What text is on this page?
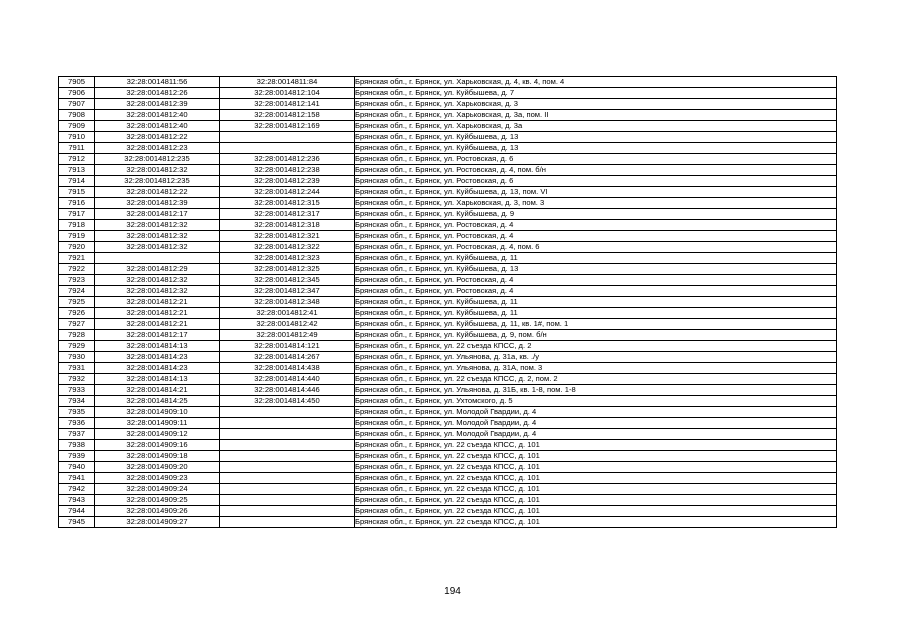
7905	32:28:0014811:56	32:28:0014811:84	Брянская обл., г. Брянск, ул. Харьковская, д. 4, кв. 4, пом. 4
7906	32:28:0014812:26	32:28:0014812:104	Брянская обл., г. Брянск, ул. Куйбышева, д. 7
7907	32:28:0014812:39	32:28:0014812:141	Брянская обл., г. Брянск, ул. Харьковская, д. 3
7908	32:28:0014812:40	32:28:0014812:158	Брянская обл., г. Брянск, ул. Харьковская, д. 3а, пом. II
7909	32:28:0014812:40	32:28:0014812:169	Брянская обл., г. Брянск, ул. Харьковская, д. 3а
7910	32:28:0014812:22		Брянская обл., г. Брянск, ул. Куйбышева, д. 13
7911	32:28:0014812:23		Брянская обл., г. Брянск, ул. Куйбышева, д. 13
7912	32:28:0014812:235	32:28:0014812:236	Брянская обл., г. Брянск, ул. Ростовская, д. 6
7913	32:28:0014812:32	32:28:0014812:238	Брянская обл., г. Брянск, ул. Ростовская, д. 4, пом. б/н
7914	32:28:0014812:235	32:28:0014812:239	Брянская обл., г. Брянск, ул. Ростовская, д. 6
7915	32:28:0014812:22	32:28:0014812:244	Брянская обл., г. Брянск, ул. Куйбышева, д. 13, пом. VI
7916	32:28:0014812:39	32:28:0014812:315	Брянская обл., г. Брянск, ул. Харьковская, д. 3, пом. 3
7917	32:28:0014812:17	32:28:0014812:317	Брянская обл., г. Брянск, ул. Куйбышева, д. 9
7918	32:28:0014812:32	32:28:0014812:318	Брянская обл., г. Брянск, ул. Ростовская, д. 4
7919	32:28:0014812:32	32:28:0014812:321	Брянская обл., г. Брянск, ул. Ростовская, д. 4
7920	32:28:0014812:32	32:28:0014812:322	Брянская обл., г. Брянск, ул. Ростовская, д. 4, пом. 6
7921		32:28:0014812:323	Брянская обл., г. Брянск, ул. Куйбышева, д. 11
7922	32:28:0014812:29	32:28:0014812:325	Брянская обл., г. Брянск, ул. Куйбышева, д. 13
7923	32:28:0014812:32	32:28:0014812:345	Брянская обл., г. Брянск, ул. Ростовская, д. 4
7924	32:28:0014812:32	32:28:0014812:347	Брянская обл., г. Брянск, ул. Ростовская, д. 4
7925	32:28:0014812:21	32:28:0014812:348	Брянская обл., г. Брянск, ул. Куйбышева, д. 11
7926	32:28:0014812:21	32:28:0014812:41	Брянская обл., г. Брянск, ул. Куйбышева, д. 11
7927	32:28:0014812:21	32:28:0014812:42	Брянская обл., г. Брянск, ул. Куйбышева, д. 11, кв. 1#, пом. 1
7928	32:28:0014812:17	32:28:0014812:49	Брянская обл., г. Брянск, ул. Куйбышева, д. 9, пом. б/н
7929	32:28:0014814:13	32:28:0014814:121	Брянская обл., г. Брянск, ул. 22 съезда КПСС, д. 2
7930	32:28:0014814:23	32:28:0014814:267	Брянская обл., г. Брянск, ул. Ульянова, д. 31а, кв. ./у
7931	32:28:0014814:23	32:28:0014814:438	Брянская обл., г. Брянск, ул. Ульянова, д. 31А, пом. 3
7932	32:28:0014814:13	32:28:0014814:440	Брянская обл., г. Брянск, ул. 22 съезда КПСС, д. 2, пом. 2
7933	32:28:0014814:21	32:28:0014814:446	Брянская обл., г. Брянск, ул. Ульянова, д. 31Б, кв. 1-8, пом. 1-8
7934	32:28:0014814:25	32:28:0014814:450	Брянская обл., г. Брянск, ул. Ухтомского, д. 5
7935	32:28:0014909:10		Брянская обл., г. Брянск, ул. Молодой Гвардии, д. 4
7936	32:28:0014909:11		Брянская обл., г. Брянск, ул. Молодой Гвардии, д. 4
7937	32:28:0014909:12		Брянская обл., г. Брянск, ул. Молодой Гвардии, д. 4
7938	32:28:0014909:16		Брянская обл., г. Брянск, ул. 22 съезда КПСС, д. 101
7939	32:28:0014909:18		Брянская обл., г. Брянск, ул. 22 съезда КПСС, д. 101
7940	32:28:0014909:20		Брянская обл., г. Брянск, ул. 22 съезда КПСС, д. 101
7941	32:28:0014909:23		Брянская обл., г. Брянск, ул. 22 съезда КПСС, д. 101
7942	32:28:0014909:24		Брянская обл., г. Брянск, ул. 22 съезда КПСС, д. 101
7943	32:28:0014909:25		Брянская обл., г. Брянск, ул. 22 съезда КПСС, д. 101
7944	32:28:0014909:26		Брянская обл., г. Брянск, ул. 22 съезда КПСС, д. 101
7945	32:28:0014909:27		Брянская обл., г. Брянск, ул. 22 съезда КПСС, д. 101
194
